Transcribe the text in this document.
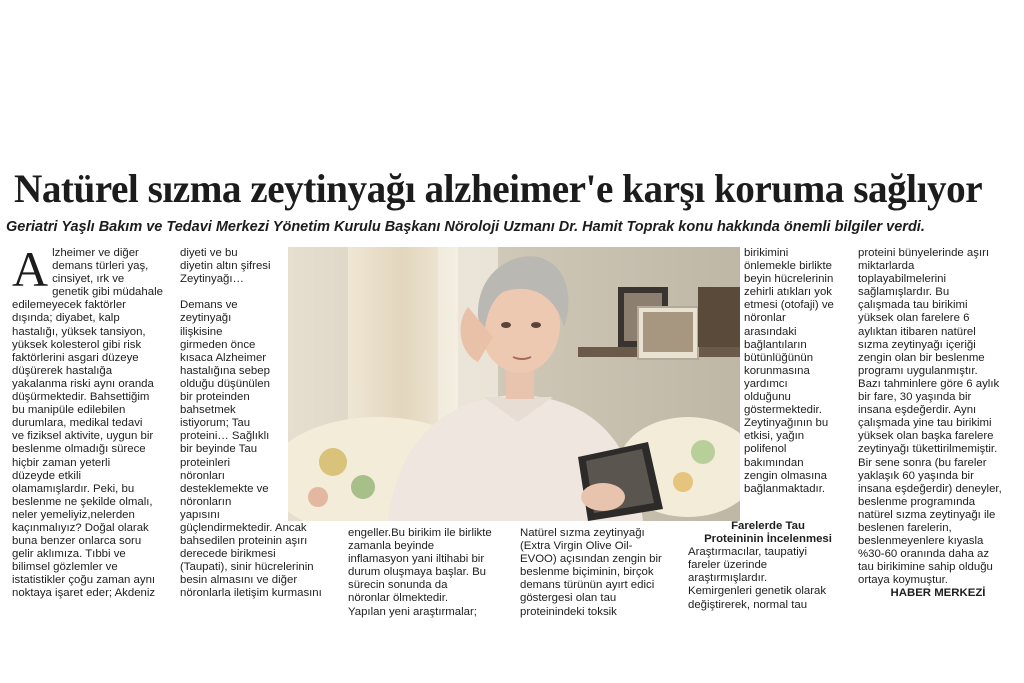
Natürel sızma zeytinyağı alzheimer'e karşı koruma sağlıyor
Geriatri Yaşlı Bakım ve Tedavi Merkezi Yönetim Kurulu Başkanı Nöroloji Uzmanı Dr. Hamit Toprak konu hakkında önemli bilgiler verdi.
A lzheimer ve diğer
demans türleri yaş,
cinsiyet, ırk ve
genetik gibi müdahale
edilemeyecek faktörler
dışında; diyabet, kalp
hastalığı, yüksek tansiyon,
yüksek kolesterol gibi risk
faktörlerini asgari düzeye
düşürerek hastalığa
yakalanma riski aynı oranda
düşürmektedir. Bahsettiğim
bu manipüle edilebilen
durumlara, medikal tedavi
ve fiziksel aktivite, uygun bir
beslenme olmadığı sürece
hiçbir zaman yeterli
düzeyde etkili
olamamışlardır. Peki, bu
beslenme ne şekilde olmalı,
neler yemeliyiz,nelerden
kaçınmalıyız? Doğal olarak
buna benzer onlarca soru
gelir aklımıza. Tıbbi ve
bilimsel gözlemler ve
istatistikler çoğu zaman aynı
noktaya işaret eder; Akdeniz

diyeti ve bu
diyetin altın şifresi
Zeytinyağı…

Demans ve
zeytinyağı
ilişkisine
girmeden önce
kısaca Alzheimer
hastalığına sebep
olduğu düşünülen
bir proteinden
bahsetmek
istiyorum; Tau
proteini… Sağlıklı
bir beyinde Tau
proteinleri
nöronları
desteklemekte ve
nöronların
yapısını
güçlendirmektedir. Ancak
bahsedilen proteinin aşırı
derecede birikmesi
(Taupati), sinir hücrelerinin
besin almasını ve diğer
nöronlarla iletişim kurmasını

engeller.Bu birikim ile birlikte
zamanla beyinde
inflamasyon yani iltihabi bir
durum oluşmaya başlar. Bu
sürecin sonunda da
nöronlar ölmektedir.
Yapılan yeni araştırmalar;

Natürel sızma zeytinyağı
(Extra Virgin Olive Oil-
EVOO) açısından zengin bir
beslenme biçiminin, birçok
demans türünün ayırt edici
göstergesi olan tau
proteinindeki toksik

birikimini
önlemekle birlikte
beyin hücrelerinin
zehirli atıkları yok
etmesi (otofaji) ve
nöronlar
arasındaki
bağlantıların
bütünlüğünün
korunmasına
yardımcı
olduğunu
göstermektedir.
Zeytinyağının bu
etkisi, yağın
polifenol
bakımından
zengin olmasına
bağlanmaktadır.

Farelerde Tau
Proteininin İncelenmesi

Araştırmacılar, taupatiyi
fareler üzerinde
araştırmışlardır.
Kemirgenleri genetik olarak
değiştirerek, normal tau

proteini bünyelerinde aşırı
miktarlarda
toplayabilmelerini
sağlamışlardır. Bu
çalışmada tau birikimi
yüksek olan farelere 6
aylıktan itibaren natürel
sızma zeytinyağı içeriği
zengin olan bir beslenme
programı uygulanmıştır.
Bazı tahminlere göre 6 aylık
bir fare, 30 yaşında bir
insana eşdeğerdir. Aynı
çalışmada yine tau birikimi
yüksek olan başka farelere
zeytinyağı tükettirilmemiştir.
Bir sene sonra (bu fareler
yaklaşık 60 yaşında bir
insana eşdeğerdir) deneyler,
beslenme programında
natürel sızma zeytinyağı ile
beslenen farelerin,
beslenmeyenlere kıyasla
%30-60 oranında daha az
tau birikimine sahip olduğu
ortaya koymuştur.

HABER MERKEZİ
